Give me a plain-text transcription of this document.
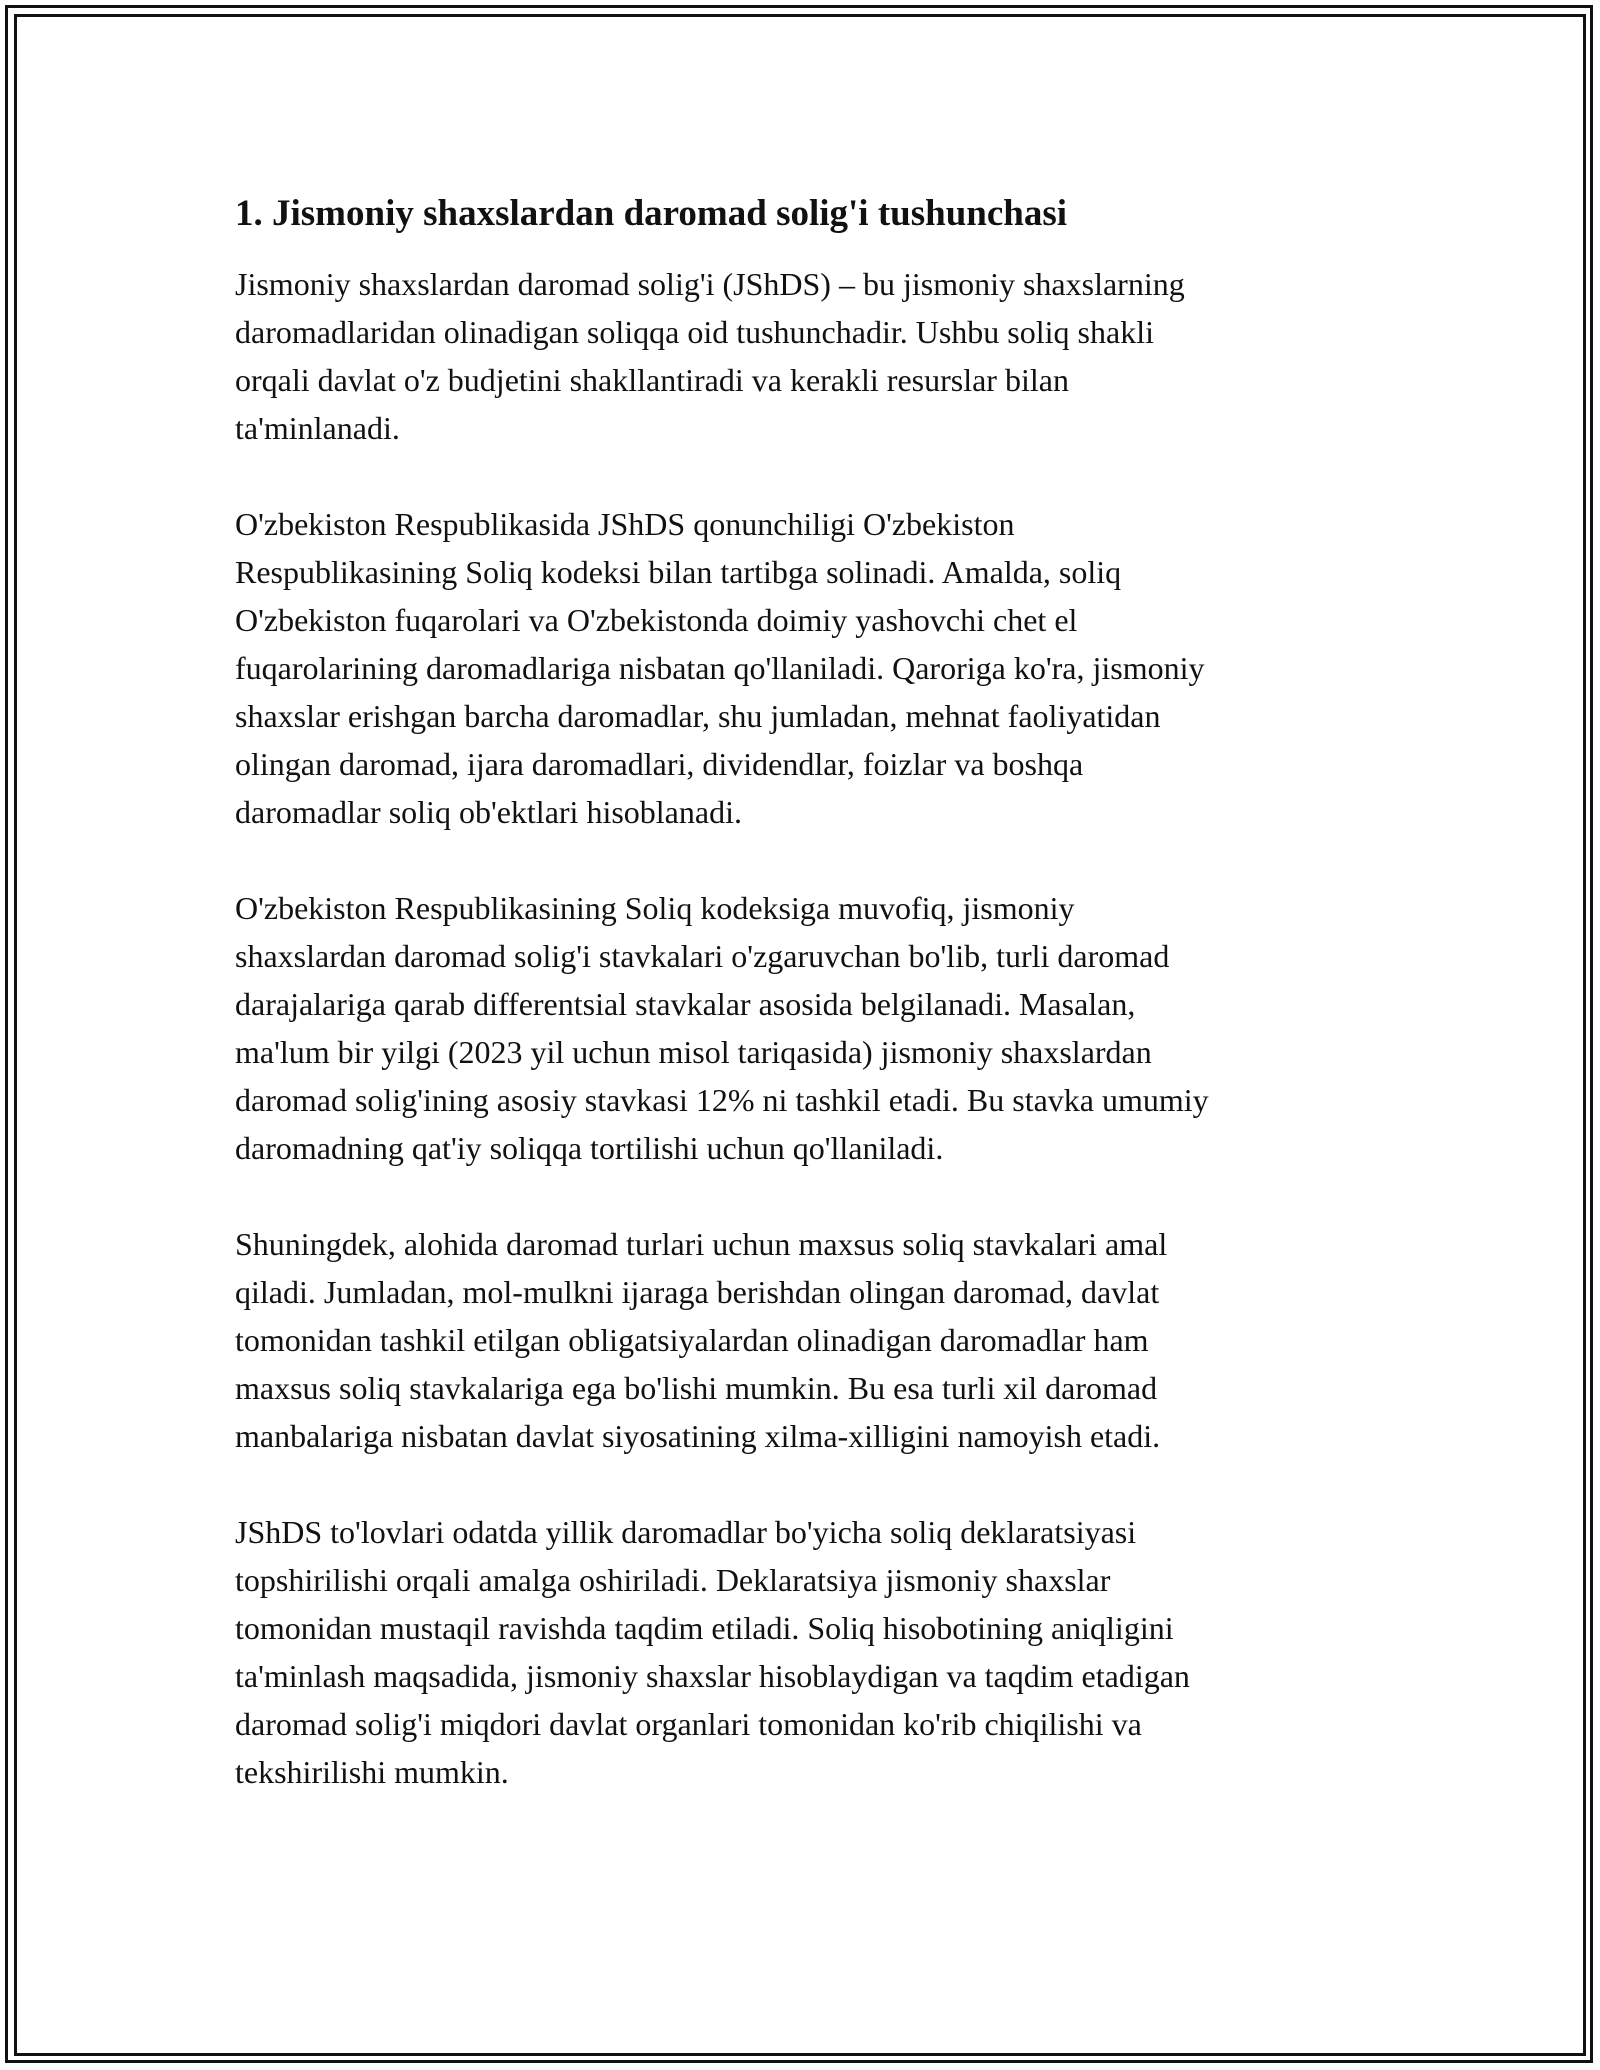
1. Jismoniy shaxslardan daromad solig'i tushunchasi
Jismoniy shaxslardan daromad solig'i (JShDS) – bu jismoniy shaxslarning
daromadlaridan olinadigan soliqqa oid tushunchadir. Ushbu soliq shakli
orqali davlat o'z budjetini shakllantiradi va kerakli resurslar bilan
ta'minlanadi.
O'zbekiston Respublikasida JShDS qonunchiligi O'zbekiston
Respublikasining Soliq kodeksi bilan tartibga solinadi. Amalda, soliq
O'zbekiston fuqarolari va O'zbekistonda doimiy yashovchi chet el
fuqarolarining daromadlariga nisbatan qo'llaniladi. Qaroriga ko'ra, jismoniy
shaxslar erishgan barcha daromadlar, shu jumladan, mehnat faoliyatidan
olingan daromad, ijara daromadlari, dividendlar, foizlar va boshqa
daromadlar soliq ob'ektlari hisoblanadi.
O'zbekiston Respublikasining Soliq kodeksiga muvofiq, jismoniy
shaxslardan daromad solig'i stavkalari o'zgaruvchan bo'lib, turli daromad
darajalariga qarab differentsial stavkalar asosida belgilanadi. Masalan,
ma'lum bir yilgi (2023 yil uchun misol tariqasida) jismoniy shaxslardan
daromad solig'ining asosiy stavkasi 12% ni tashkil etadi. Bu stavka umumiy
daromadning qat'iy soliqqa tortilishi uchun qo'llaniladi.
Shuningdek, alohida daromad turlari uchun maxsus soliq stavkalari amal
qiladi. Jumladan, mol-mulkni ijaraga berishdan olingan daromad, davlat
tomonidan tashkil etilgan obligatsiyalardan olinadigan daromadlar ham
maxsus soliq stavkalariga ega bo'lishi mumkin. Bu esa turli xil daromad
manbalariga nisbatan davlat siyosatining xilma-xilligini namoyish etadi.
JShDS to'lovlari odatda yillik daromadlar bo'yicha soliq deklaratsiyasi
topshirilishi orqali amalga oshiriladi. Deklaratsiya jismoniy shaxslar
tomonidan mustaqil ravishda taqdim etiladi. Soliq hisobotining aniqligini
ta'minlash maqsadida, jismoniy shaxslar hisoblaydigan va taqdim etadigan
daromad solig'i miqdori davlat organlari tomonidan ko'rib chiqilishi va
tekshirilishi mumkin.
